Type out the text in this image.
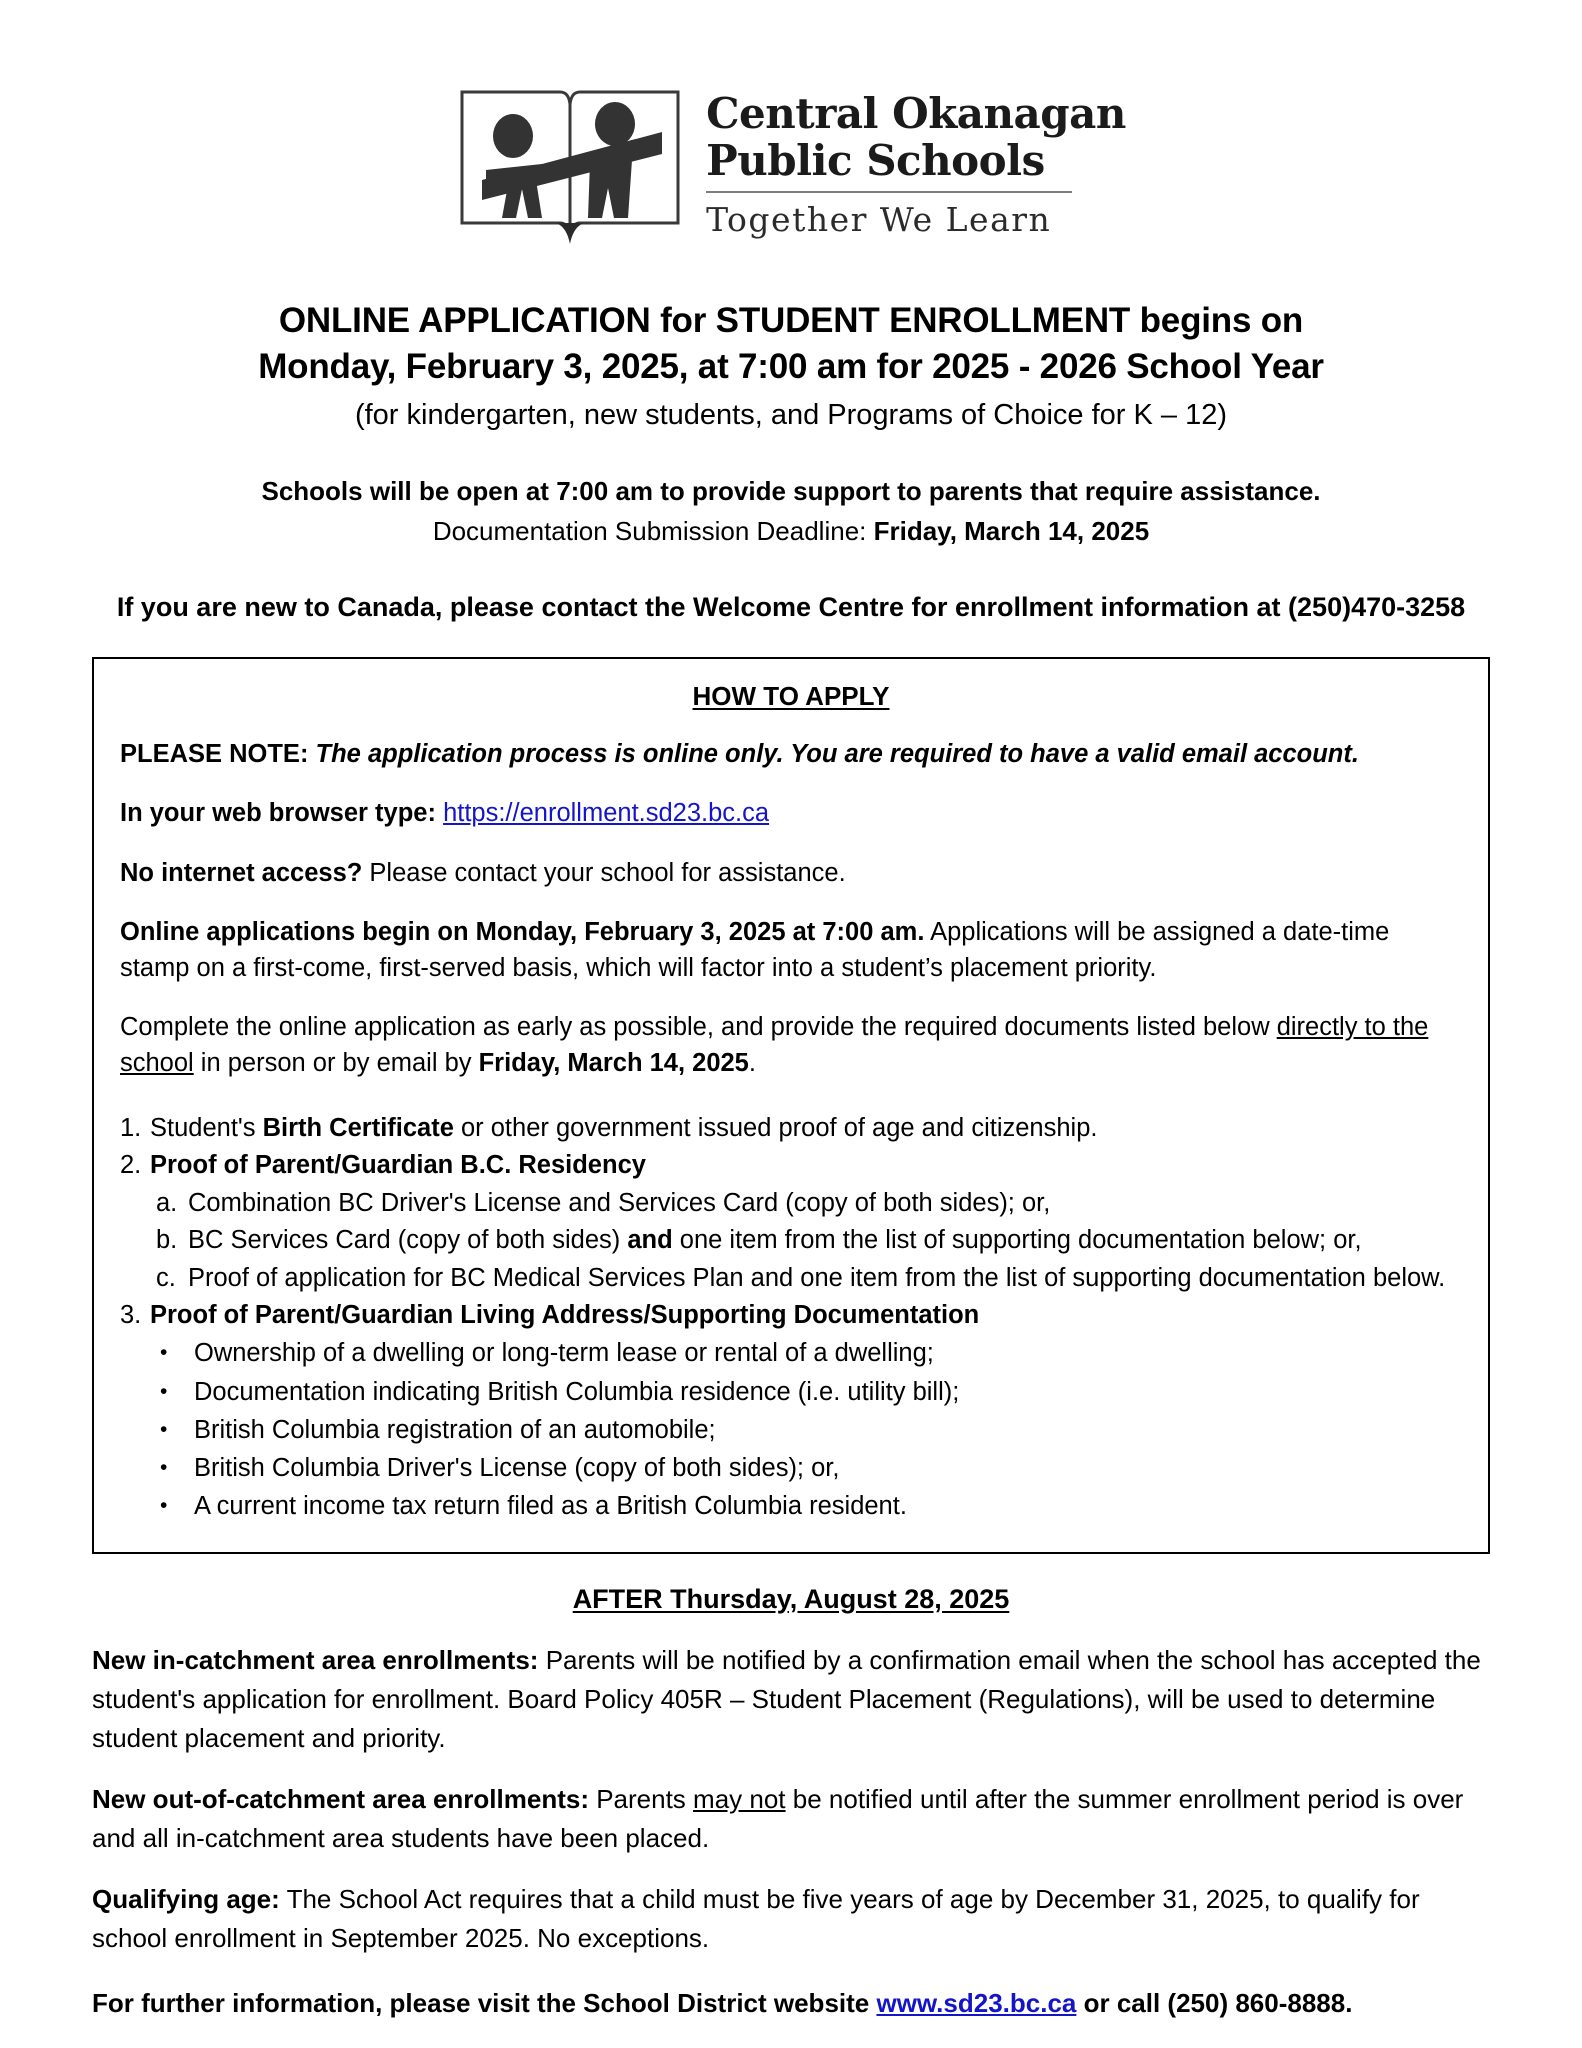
Central Okanagan
Public Schools
Together We Learn
ONLINE APPLICATION for STUDENT ENROLLMENT begins on
Monday, February 3, 2025, at 7:00 am for 2025 - 2026 School Year
(for kindergarten, new students, and Programs of Choice for K – 12)
Schools will be open at 7:00 am to provide support to parents that require assistance.
Documentation Submission Deadline: Friday, March 14, 2025
If you are new to Canada, please contact the Welcome Centre for enrollment information at (250)470-3258
HOW TO APPLY

PLEASE NOTE: The application process is online only. You are required to have a valid email account.

In your web browser type: https://enrollment.sd23.bc.ca

No internet access? Please contact your school for assistance.

Online applications begin on Monday, February 3, 2025 at 7:00 am. Applications will be assigned a date-time stamp on a first-come, first-served basis, which will factor into a student’s placement priority.

Complete the online application as early as possible, and provide the required documents listed below directly to the school in person or by email by Friday, March 14, 2025.

1. Student's Birth Certificate or other government issued proof of age and citizenship.
2. Proof of Parent/Guardian B.C. Residency
a. Combination BC Driver's License and Services Card (copy of both sides); or,
b. BC Services Card (copy of both sides) and one item from the list of supporting documentation below; or,
c. Proof of application for BC Medical Services Plan and one item from the list of supporting documentation below.
3. Proof of Parent/Guardian Living Address/Supporting Documentation
•	Ownership of a dwelling or long-term lease or rental of a dwelling;
•	Documentation indicating British Columbia residence (i.e. utility bill);
•	British Columbia registration of an automobile;
•	British Columbia Driver's License (copy of both sides); or,
•	A current income tax return filed as a British Columbia resident.
AFTER Thursday, August 28, 2025

New in-catchment area enrollments: Parents will be notified by a confirmation email when the school has accepted the student's application for enrollment. Board Policy 405R – Student Placement (Regulations), will be used to determine student placement and priority.

New out-of-catchment area enrollments: Parents may not be notified until after the summer enrollment period is over and all in-catchment area students have been placed.

Qualifying age: The School Act requires that a child must be five years of age by December 31, 2025, to qualify for school enrollment in September 2025. No exceptions.

For further information, please visit the School District website www.sd23.bc.ca or call (250) 860-8888.
